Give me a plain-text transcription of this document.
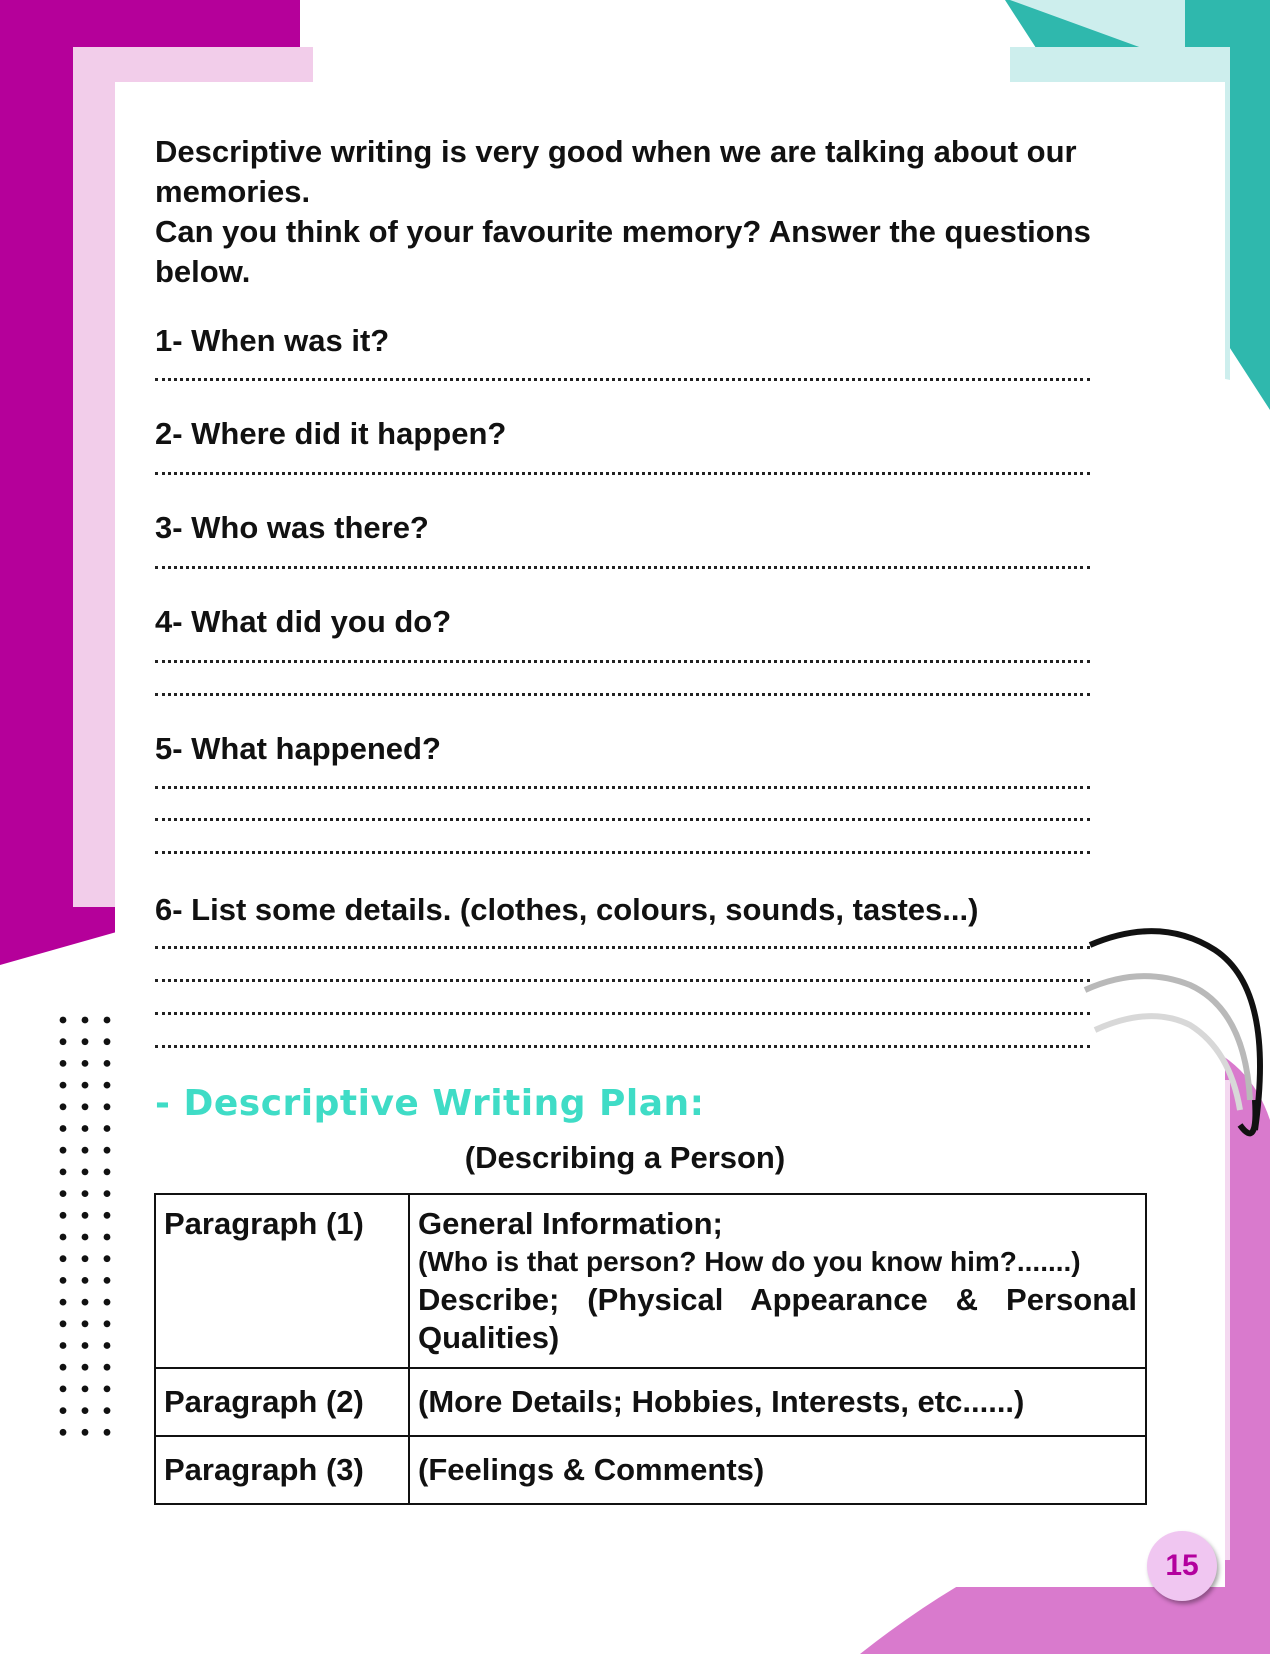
Descriptive writing is very good when we are talking about our memories.

Can you think of your favourite memory? Answer the questions below.

1- When was it?

2- Where did it happen?

3- Who was there?

4- What did you do?

5- What happened?

6- List some details. (clothes, colours, sounds, tastes...)

- Descriptive Writing Plan:
(Describing a Person)
Paragraph (1)	General Information;
(Who is that person? How do you know him?.......)
Describe; (Physical Appearance & Personal
Qualities)

Paragraph (2)	(More Details; Hobbies, Interests, etc......)
Paragraph (3)	(Feelings & Comments)
15
